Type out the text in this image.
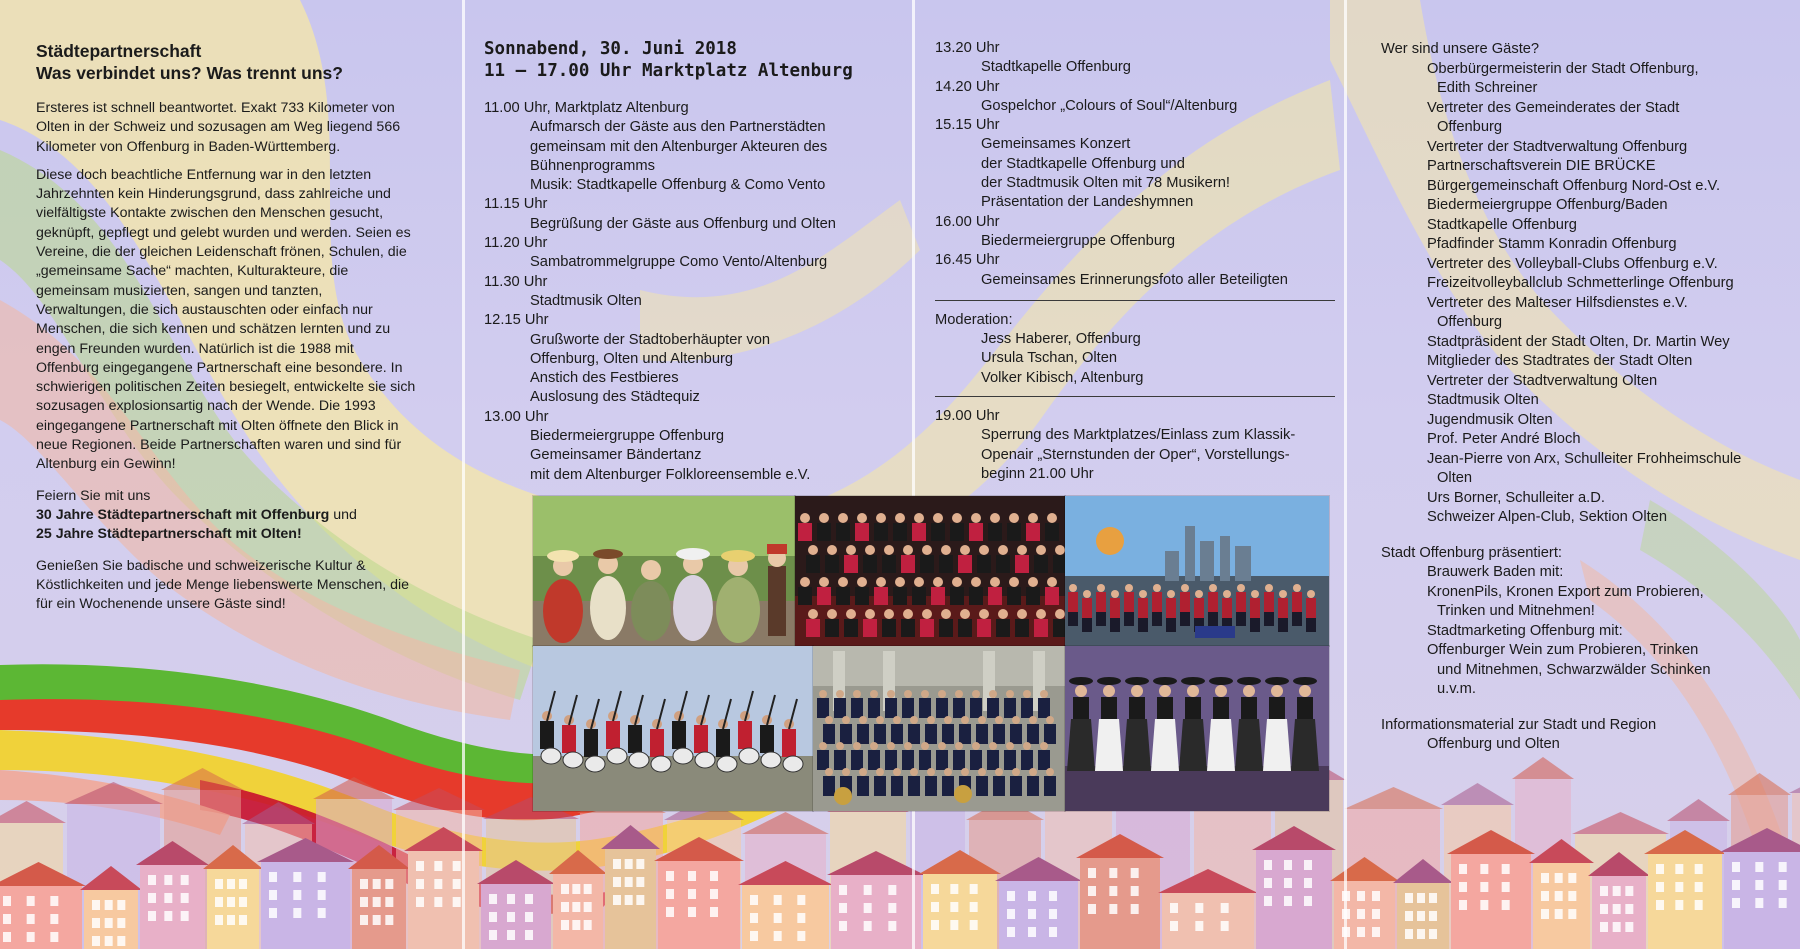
Städtepartnerschaft
Was verbindet uns? Was trennt uns?

Ersteres ist schnell beantwortet. Exakt 733 Kilometer von Olten in der Schweiz und sozusagen am Weg liegend 566 Kilometer von Offenburg in Baden-Württemberg.

Diese doch beachtliche Entfernung war in den letzten Jahrzehnten kein Hinderungsgrund, dass zahlreiche und vielfältigste Kontakte zwischen den Menschen gesucht, geknüpft, gepflegt und gelebt wurden und werden. Seien es Vereine, die der gleichen Leidenschaft frönen, Schulen, die „gemeinsame Sache“ machten, Kulturakteure, die gemeinsam musizierten, sangen und tanzten, Verwaltungen, die sich austauschten oder einfach nur Menschen, die sich kennen und schätzen lernten und zu engen Freunden wurden. Natürlich ist die 1988 mit Offenburg eingegangene Partnerschaft eine besondere. In schwierigen politischen Zeiten besiegelt, entwickelte sie sich sozusagen explosionsartig nach der Wende. Die 1993 eingegangene Partnerschaft mit Olten öffnete den Blick in neue Regionen. Beide Partnerschaften waren und sind für Altenburg ein Gewinn!

Feiern Sie mit uns
30 Jahre Städtepartnerschaft mit Offenburg und
25 Jahre Städtepartnerschaft mit Olten!

Genießen Sie badische und schweizerische Kultur & Köstlichkeiten und jede Menge liebenswerte Menschen, die für ein Wochenende unsere Gäste sind!

Sonnabend, 30. Juni 2018
11 – 17.00 Uhr Marktplatz Altenburg
11.00 Uhr, Marktplatz Altenburg
Aufmarsch der Gäste aus den Partnerstädten
gemeinsam mit den Altenburger Akteuren des
Bühnenprogramms
Musik: Stadtkapelle Offenburg & Como Vento
11.15 Uhr
Begrüßung der Gäste aus Offenburg und Olten
11.20 Uhr
Sambatrommelgruppe Como Vento/Altenburg
11.30 Uhr
Stadtmusik Olten
12.15 Uhr
Grußworte der Stadtoberhäupter von
Offenburg, Olten und Altenburg
Anstich des Festbieres
Auslosung des Städtequiz
13.00 Uhr
Biedermeiergruppe Offenburg
Gemeinsamer Bändertanz
mit dem Altenburger Folkloreensemble e.V.
13.20 Uhr
Stadtkapelle Offenburg
14.20 Uhr
Gospelchor „Colours of Soul“/Altenburg
15.15 Uhr
Gemeinsames Konzert
der Stadtkapelle Offenburg und
der Stadtmusik Olten mit 78 Musikern!
Präsentation der Landeshymnen
16.00 Uhr
Biedermeiergruppe Offenburg
16.45 Uhr
Gemeinsames Erinnerungsfoto aller Beteiligten
Moderation:
Jess Haberer, Offenburg
Ursula Tschan, Olten
Volker Kibisch, Altenburg
19.00 Uhr
Sperrung des Marktplatzes/Einlass zum Klassik-
Openair „Sternstunden der Oper“, Vorstellungs-
beginn 21.00 Uhr
Wer sind unsere Gäste?
Oberbürgermeisterin der Stadt Offenburg,
Edith Schreiner
Vertreter des Gemeinderates der Stadt
Offenburg
Vertreter der Stadtverwaltung Offenburg
Partnerschaftsverein DIE BRÜCKE
Bürgergemeinschaft Offenburg Nord-Ost e.V.
Biedermeiergruppe Offenburg/Baden
Stadtkapelle Offenburg
Pfadfinder Stamm Konradin Offenburg
Vertreter des Volleyball-Clubs Offenburg e.V.
Freizeitvolleyballclub Schmetterlinge Offenburg
Vertreter des Malteser Hilfsdienstes e.V.
Offenburg
Stadtpräsident der Stadt Olten, Dr. Martin Wey
Mitglieder des Stadtrates der Stadt Olten
Vertreter der Stadtverwaltung Olten
Stadtmusik Olten
Jugendmusik Olten
Prof. Peter André Bloch
Jean-Pierre von Arx, Schulleiter Frohheimschule
Olten
Urs Borner, Schulleiter a.D.
Schweizer Alpen-Club, Sektion Olten
Stadt Offenburg präsentiert:
Brauwerk Baden mit:
KronenPils, Kronen Export zum Probieren,
Trinken und Mitnehmen!
Stadtmarketing Offenburg mit:
Offenburger Wein zum Probieren, Trinken
und Mitnehmen, Schwarzwälder Schinken
u.v.m.
Informationsmaterial zur Stadt und Region
Offenburg und Olten
